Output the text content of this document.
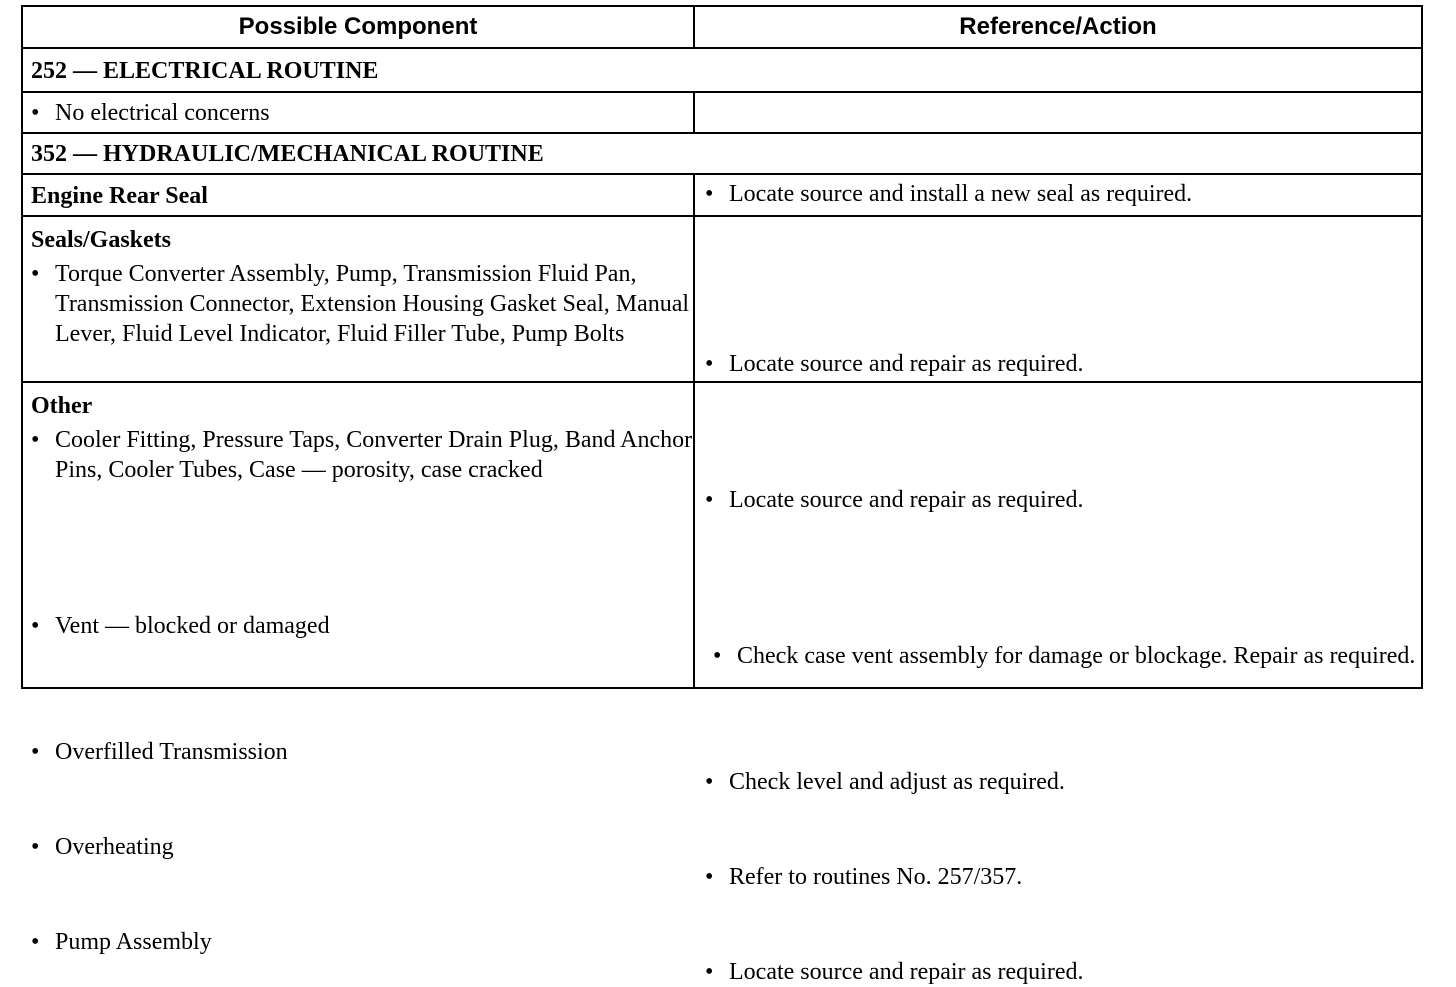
Possible Component	Reference/Action
252 — ELECTRICAL ROUTINE
• No electrical concerns
352 — HYDRAULIC/MECHANICAL ROUTINE
Engine Rear Seal	• Locate source and install a new seal as required.
Seals/Gaskets
• Torque Converter Assembly, Pump, Transmission Fluid Pan, Transmission Connector, Extension Housing Gasket Seal, Manual Lever, Fluid Level Indicator, Fluid Filler Tube, Pump Bolts
• Locate source and repair as required.
Other
• Cooler Fitting, Pressure Taps, Converter Drain Plug, Band Anchor Pins, Cooler Tubes, Case — porosity, case cracked
• Locate source and repair as required.
• Vent — blocked or damaged
• Check case vent assembly for damage or blockage. Repair as required.
• Overfilled Transmission
• Check level and adjust as required.
• Overheating
• Refer to routines No. 257/357.
• Pump Assembly
• Locate source and repair as required.
